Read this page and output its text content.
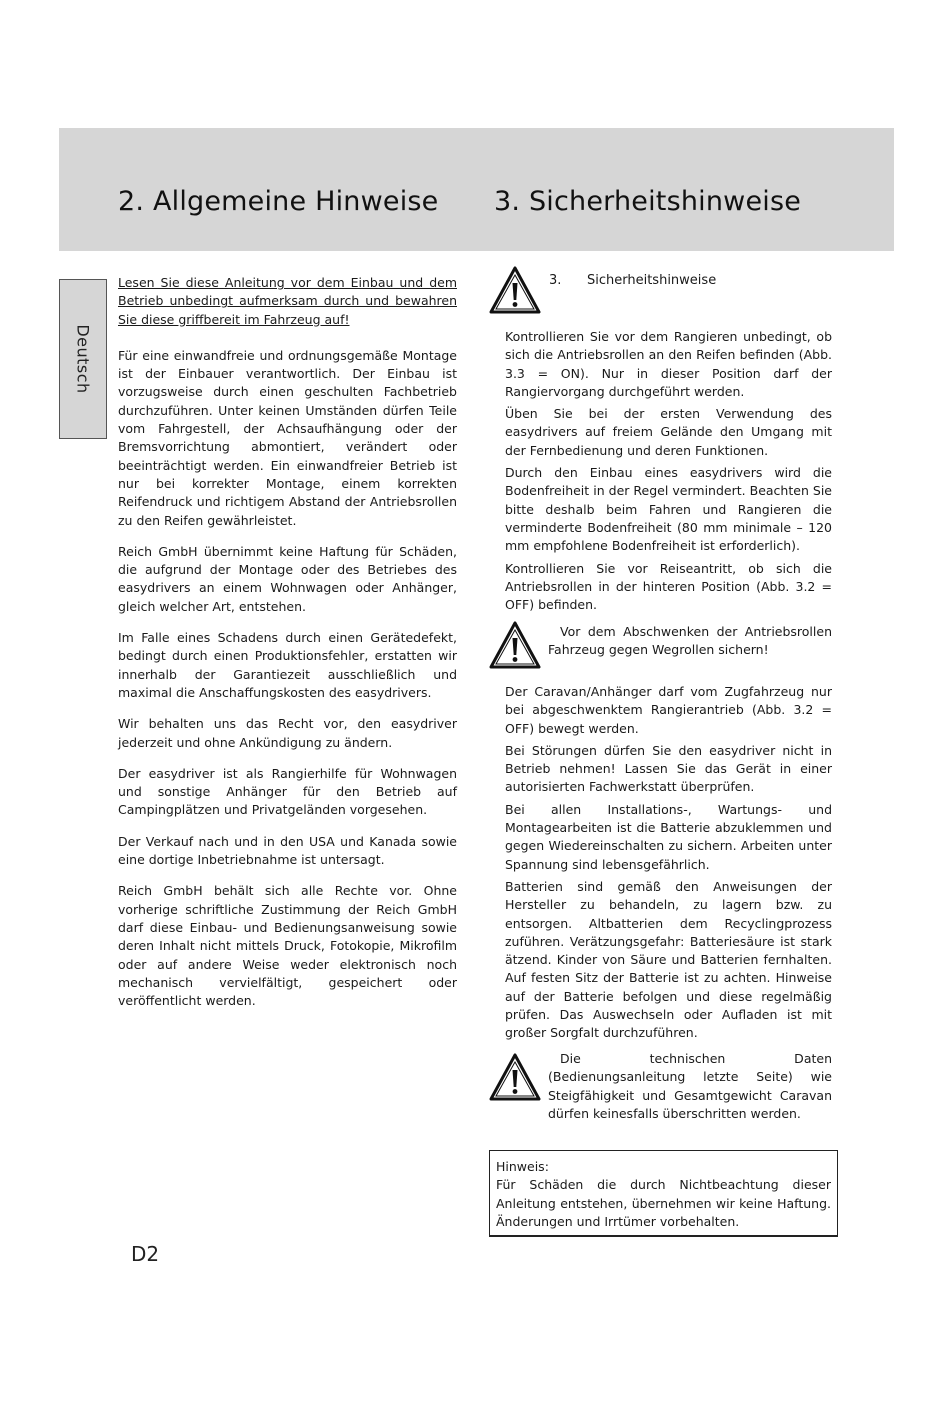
2. Allgemeine Hinweise 3. Sicherheitshinweise
Deutsch

Lesen Sie diese Anleitung vor dem Einbau und dem Betrieb unbedingt aufmerksam durch und bewahren Sie diese griffbereit im Fahrzeug auf!

Für eine einwandfreie und ordnungsgemäße Montage ist der Einbauer verantwortlich. Der Einbau ist vorzugsweise durch einen geschulten Fachbetrieb durchzuführen. Unter keinen Umständen dürfen Teile vom Fahrgestell, der Achsaufhängung oder der Bremsvorrichtung abmontiert, verändert oder beeinträchtigt werden. Ein einwandfreier Betrieb ist nur bei korrekter Montage, einem korrekten Reifendruck und richtigem Abstand der Antriebsrollen zu den Reifen gewährleistet.

Reich GmbH übernimmt keine Haftung für Schäden, die aufgrund der Montage oder des Betriebes des easydrivers an einem Wohnwagen oder Anhänger, gleich welcher Art, entstehen.

Im Falle eines Schadens durch einen Gerätedefekt, bedingt durch einen Produktionsfehler, erstatten wir innerhalb der Garantiezeit ausschließlich und maximal die Anschaffungskosten des easydrivers.

Wir behalten uns das Recht vor, den easydriver jederzeit und ohne Ankündigung zu ändern.

Der easydriver ist als Rangierhilfe für Wohnwagen und sonstige Anhänger für den Betrieb auf Campingplätzen und Privatgeländen vorgesehen.

Der Verkauf nach und in den USA und Kanada sowie eine dortige Inbetriebnahme ist untersagt.

Reich GmbH behält sich alle Rechte vor. Ohne vorherige schriftliche Zustimmung der Reich GmbH darf diese Einbau- und Bedienungsanweisung sowie deren Inhalt nicht mittels Druck, Fotokopie, Mikrofilm oder auf andere Weise weder elektronisch noch mechanisch vervielfältigt, gespeichert oder veröffentlicht werden.

3. Sicherheitshinweise

Kontrollieren Sie vor dem Rangieren unbedingt, ob sich die Antriebsrollen an den Reifen befinden (Abb. 3.3 = ON). Nur in dieser Position darf der Rangiervorgang durchgeführt werden.

Üben Sie bei der ersten Verwendung des easydrivers auf freiem Gelände den Umgang mit der Fernbedienung und deren Funktionen.

Durch den Einbau eines easydrivers wird die Bodenfreiheit in der Regel vermindert. Beachten Sie bitte deshalb beim Fahren und Rangieren die verminderte Bodenfreiheit (80 mm minimale – 120 mm empfohlene Bodenfreiheit ist erforderlich).

Kontrollieren Sie vor Reiseantritt, ob sich die Antriebsrollen in der hinteren Position (Abb. 3.2 = OFF) befinden.

Vor dem Abschwenken der Antriebsrollen Fahrzeug gegen Wegrollen sichern!

Der Caravan/Anhänger darf vom Zugfahrzeug nur bei abgeschwenktem Rangierantrieb (Abb. 3.2 = OFF) bewegt werden.

Bei Störungen dürfen Sie den easydriver nicht in Betrieb nehmen! Lassen Sie das Gerät in einer autorisierten Fachwerkstatt überprüfen.

Bei allen Installations-, Wartungs- und Montagearbeiten ist die Batterie abzuklemmen und gegen Wiedereinschalten zu sichern. Arbeiten unter Spannung sind lebensgefährlich.

Batterien sind gemäß den Anweisungen der Hersteller zu behandeln, zu lagern bzw. zu entsorgen. Altbatterien dem Recyclingprozess zuführen. Verätzungsgefahr: Batteriesäure ist stark ätzend. Kinder von Säure und Batterien fernhalten. Auf festen Sitz der Batterie ist zu achten. Hinweise auf der Batterie befolgen und diese regelmäßig prüfen. Das Auswechseln oder Aufladen ist mit großer Sorgfalt durchzuführen.

Die technischen Daten (Bedienungsanleitung letzte Seite) wie Steigfähigkeit und Gesamtgewicht Caravan dürfen keinesfalls überschritten werden.

Hinweis:

Für Schäden die durch Nichtbeachtung dieser Anleitung entstehen, übernehmen wir keine Haftung. Änderungen und Irrtümer vorbehalten.

D2
